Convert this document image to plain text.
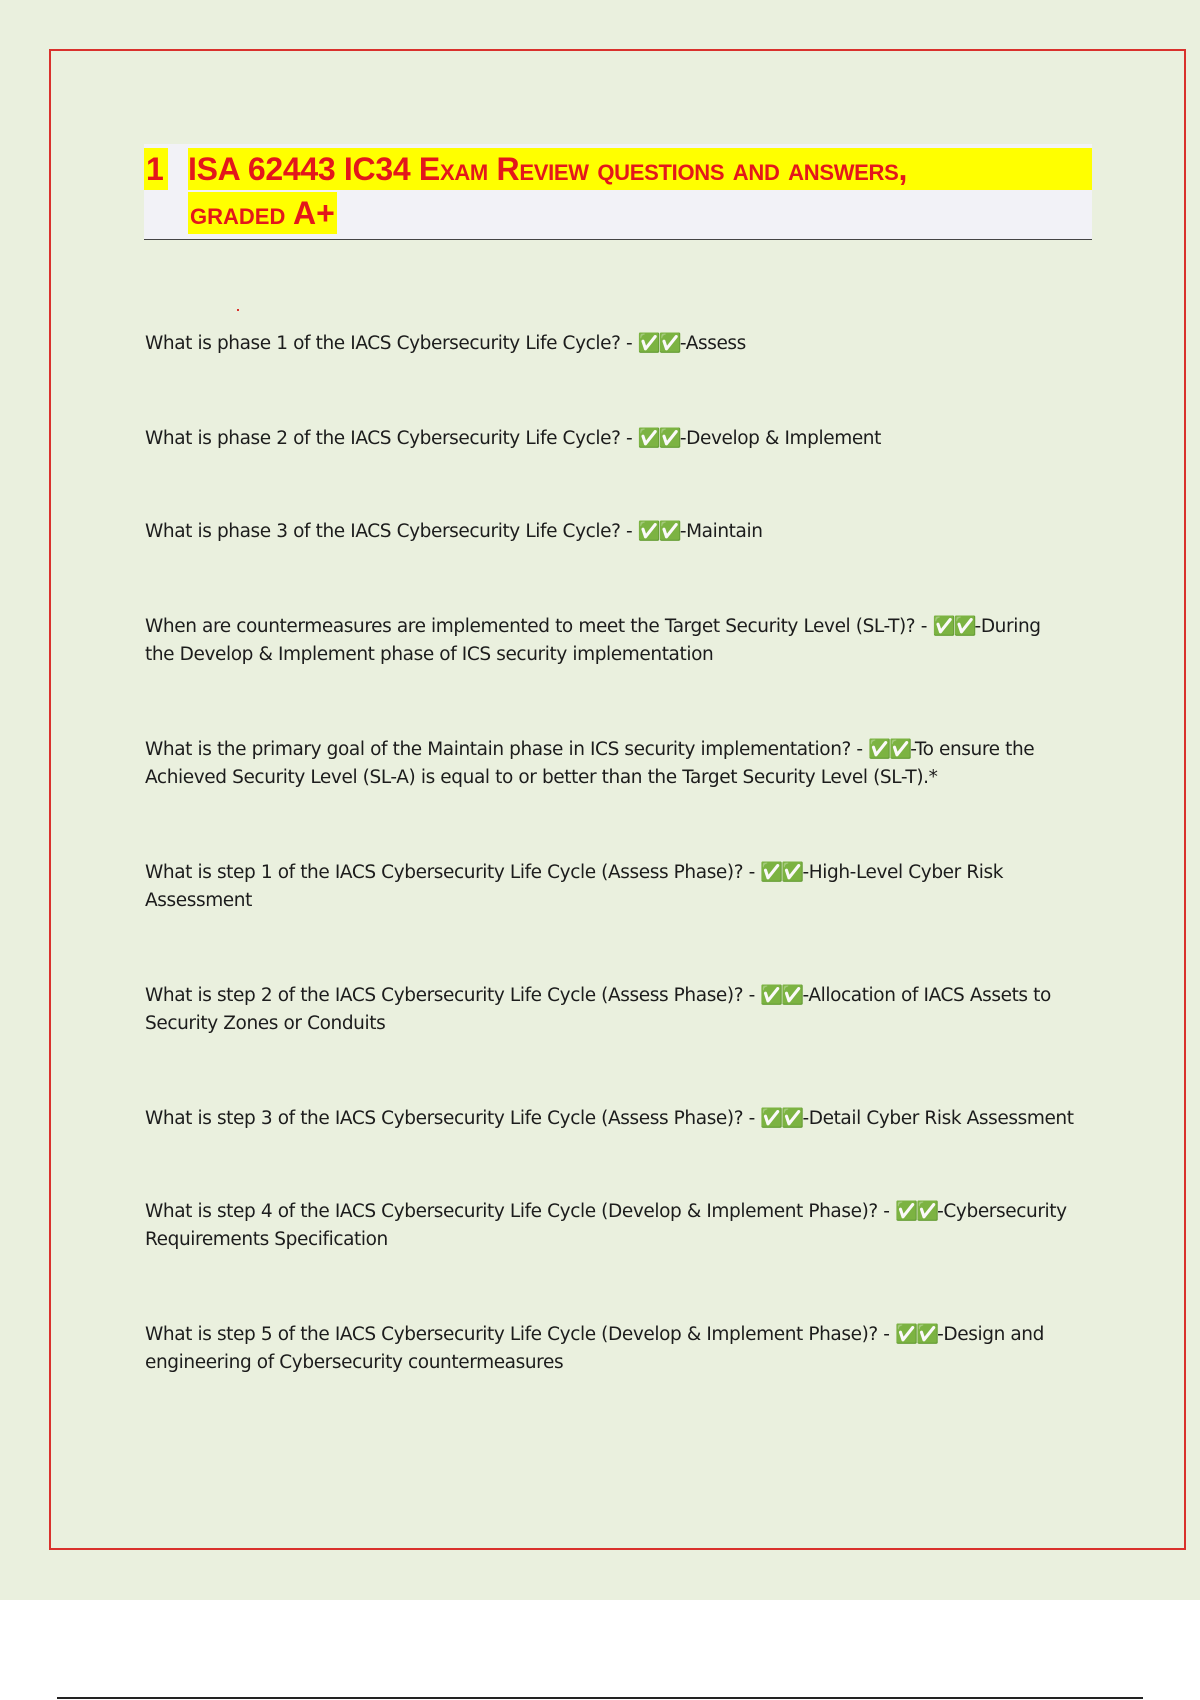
1 ISA 62443 IC34 Exam Review questions and answers,
graded A+
What is phase 1 of the IACS Cybersecurity Life Cycle? - ✅✅-Assess
What is phase 2 of the IACS Cybersecurity Life Cycle? - ✅✅-Develop & Implement
What is phase 3 of the IACS Cybersecurity Life Cycle? - ✅✅-Maintain
When are countermeasures are implemented to meet the Target Security Level (SL-T)? - ✅✅-During the Develop & Implement phase of ICS security implementation
What is the primary goal of the Maintain phase in ICS security implementation? - ✅✅-To ensure the Achieved Security Level (SL-A) is equal to or better than the Target Security Level (SL-T).*
What is step 1 of the IACS Cybersecurity Life Cycle (Assess Phase)? - ✅✅-High-Level Cyber Risk Assessment
What is step 2 of the IACS Cybersecurity Life Cycle (Assess Phase)? - ✅✅-Allocation of IACS Assets to Security Zones or Conduits
What is step 3 of the IACS Cybersecurity Life Cycle (Assess Phase)? - ✅✅-Detail Cyber Risk Assessment
What is step 4 of the IACS Cybersecurity Life Cycle (Develop & Implement Phase)? - ✅✅-Cybersecurity Requirements Specification
What is step 5 of the IACS Cybersecurity Life Cycle (Develop & Implement Phase)? - ✅✅-Design and engineering of Cybersecurity countermeasures
